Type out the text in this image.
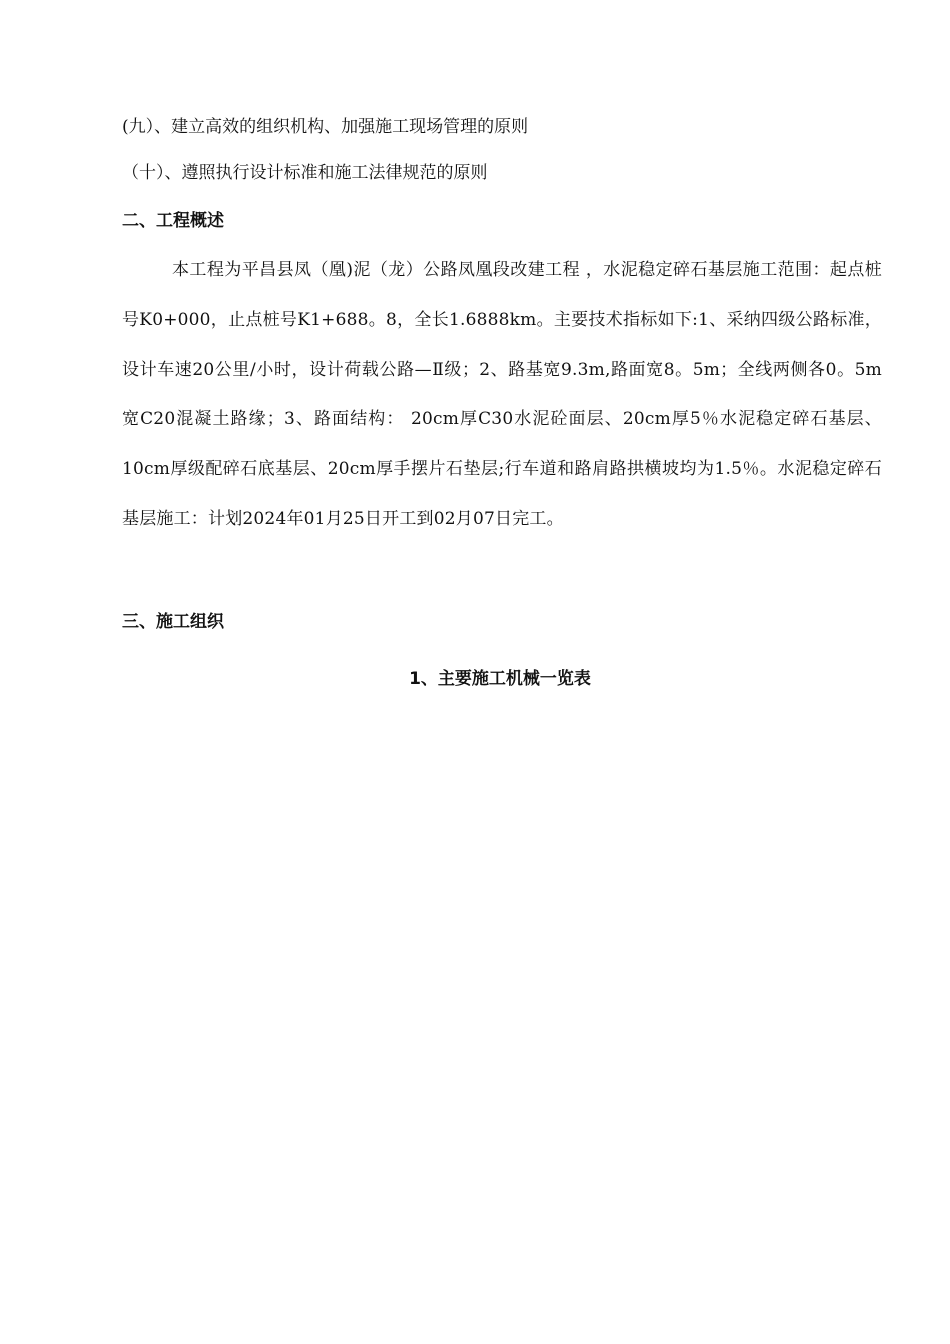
(九）、建立高效的组织机构、加强施工现场管理的原则
（十）、遵照执行设计标准和施工法律规范的原则
二、工程概述
本工程为平昌县凤（凰)泥（龙）公路凤凰段改建工程 ，水泥稳定碎石基层施工范围：起点桩号K0+000，止点桩号K1+688。8，全长1.6888km。主要技术指标如下:1、采纳四级公路标准，设计车速20公里/小时，设计荷载公路—Ⅱ级；2、路基宽9.3m,路面宽8。5m；全线两侧各0。5m宽C20混凝土路缘；3、路面结构： 20cm厚C30水泥砼面层、20cm厚5％水泥稳定碎石基层、10cm厚级配碎石底基层、20cm厚手摆片石垫层;行车道和路肩路拱横坡均为1.5％。水泥稳定碎石基层施工：计划2024年01月25日开工到02月07日完工。
三、施工组织
1、主要施工机械一览表
